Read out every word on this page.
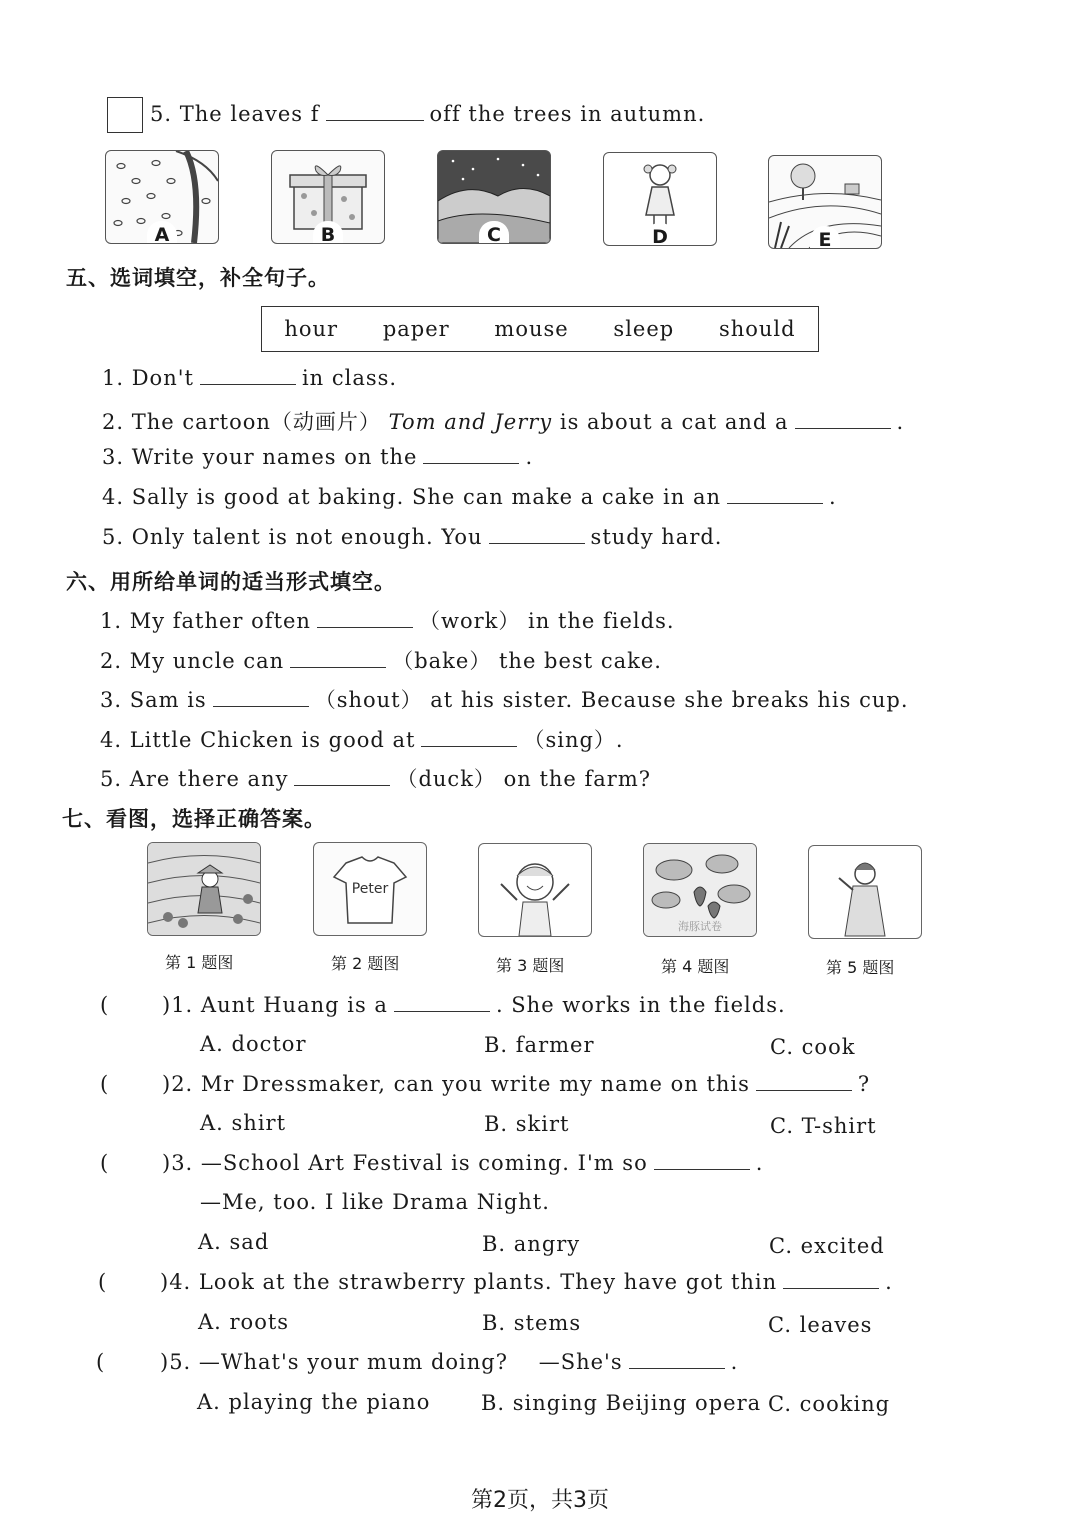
5. The leaves f	off the trees in autumn.
A	B	C	D	E
五、选词填空，补全句子。
hour paper mouse sleep should
1. Don't	in class.
2. The cartoon（动画片） Tom and Jerry is about a cat and a	.
3. Write your names on the	.
4. Sally is good at baking. She can make a cake in an	.
5. Only talent is not enough. You	study hard.
六、用所给单词的适当形式填空。
1. My father often	（work） in the fields.
2. My uncle can	（bake） the best cake.
3. Sam is	（shout） at his sister. Because she breaks his cup.
4. Little Chicken is good at	（sing）.
5. Are there any	（duck） on the farm?
七、看图，选择正确答案。
Peter
海豚试卷
第 1 题图	第 2 题图	第 3 题图	第 4 题图	第 5 题图
(	)1. Aunt Huang is a	. She works in the fields.
A. doctor	B. farmer	C. cook
(	)2. Mr Dressmaker, can you write my name on this	?
A. shirt	B. skirt	C. T-shirt
(	)3. —School Art Festival is coming. I'm so	.
—Me, too. I like Drama Night.
A. sad	B. angry	C. excited
(	)4. Look at the strawberry plants. They have got thin	.
A. roots	B. stems	C. leaves
(	)5. —What's your mum doing? —She's	.
A. playing the piano B. singing Beijing opera C. cooking
第2页，共3页
